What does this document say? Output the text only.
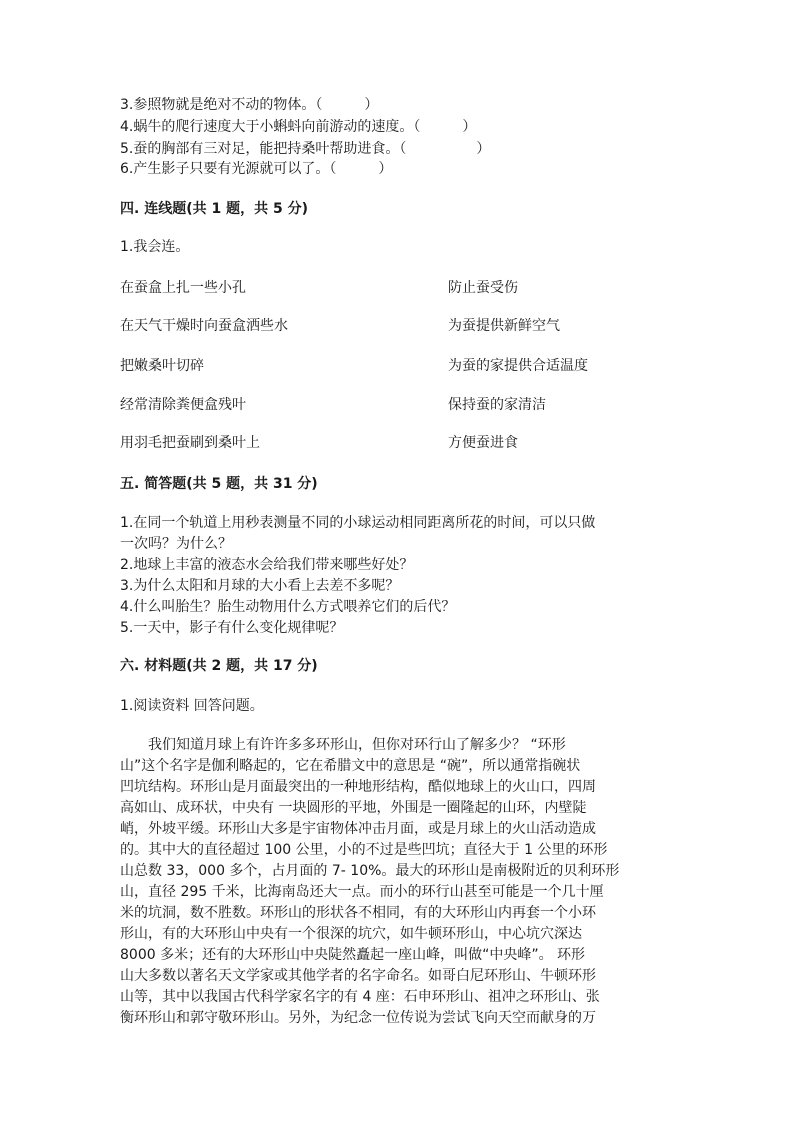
3.参照物就是绝对不动的物体。（　　　）
4.蜗牛的爬行速度大于小蝌蚪向前游动的速度。（　　　）
5.蚕的胸部有三对足，能把持桑叶帮助进食。（　　　　　）
6.产生影子只要有光源就可以了。（　　　）
四. 连线题(共 1 题，共 5 分)
1.我会连。
在蚕盒上扎一些小孔	防止蚕受伤
在天气干燥时向蚕盒洒些水	为蚕提供新鲜空气
把嫩桑叶切碎	为蚕的家提供合适温度
经常清除粪便盒残叶	保持蚕的家清洁
用羽毛把蚕刷到桑叶上	方便蚕进食
五. 简答题(共 5 题，共 31 分)
1.在同一个轨道上用秒表测量不同的小球运动相同距离所花的时间，可以只做
一次吗？为什么？
2.地球上丰富的液态水会给我们带来哪些好处？
3.为什么太阳和月球的大小看上去差不多呢？
4.什么叫胎生？胎生动物用什么方式喂养它们的后代？
5.一天中，影子有什么变化规律呢？
六. 材料题(共 2 题，共 17 分)
1.阅读资料 回答问题。
　　我们知道月球上有许许多多环形山，但你对环行山了解多少？ “环形
山”这个名字是伽利略起的，它在希腊文中的意思是 “碗”，所以通常指碗状
凹坑结构。环形山是月面最突出的一种地形结构，酷似地球上的火山口，四周
高如山、成环状，中央有 一块圆形的平地，外围是一圈隆起的山环，内壁陡
峭，外坡平缓。环形山大多是宇宙物体冲击月面，或是月球上的火山活动造成
的。其中大的直径超过 100 公里，小的不过是些凹坑；直径大于 1 公里的环形
山总数 33，000 多个，占月面的 7- 10%。最大的环形山是南极附近的贝利环形
山，直径 295 千米，比海南岛还大一点。而小的环行山甚至可能是一个几十厘
米的坑洞，数不胜数。环形山的形状各不相同，有的大环形山内再套一个小环
形山，有的大环形山中央有一个很深的坑穴，如牛顿环形山，中心坑穴深达
8000 多米；还有的大环形山中央陡然矗起一座山峰，叫做“中央峰”。 环形
山大多数以著名天文学家或其他学者的名字命名。如哥白尼环形山、牛顿环形
山等，其中以我国古代科学家名字的有 4 座：石申环形山、祖冲之环形山、张
衡环形山和郭守敬环形山。另外，为纪念一位传说为尝试飞向天空而献身的万
